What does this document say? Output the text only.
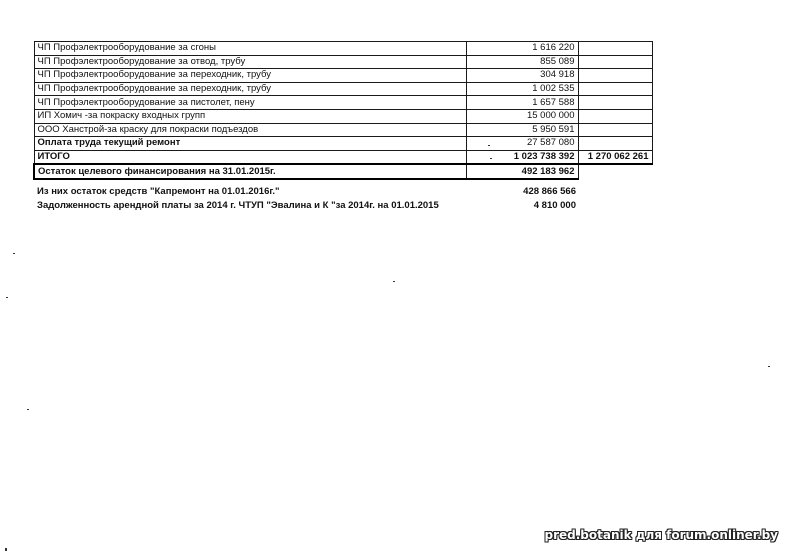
ЧП Профэлектрооборудование за сгоны	1 616 220	
ЧП Профэлектрооборудование за отвод, трубу	855 089	
ЧП Профэлектрооборудование за переходник, трубу	304 918	
ЧП Профэлектрооборудование за переходник, трубу	1 002 535	
ЧП Профэлектрооборудование за пистолет, пену	1 657 588	
ИП Хомич -за покраску входных групп	15 000 000	
ООО Ханстрой-за краску для покраски подъездов	5 950 591	
Оплата труда текущий ремонт	27 587 080	
ИТОГО	1 023 738 392	1 270 062 261
Остаток целевого финансирования на 31.01.2015г.	492 183 962	
Из них остаток средств "Капремонт на 01.01.2016г."	428 866 566
Задолженность арендной платы за 2014 г. ЧТУП "Эвалина и К "за 2014г. на 01.01.2015	4 810 000
pred.botanik для forum.onliner.by
